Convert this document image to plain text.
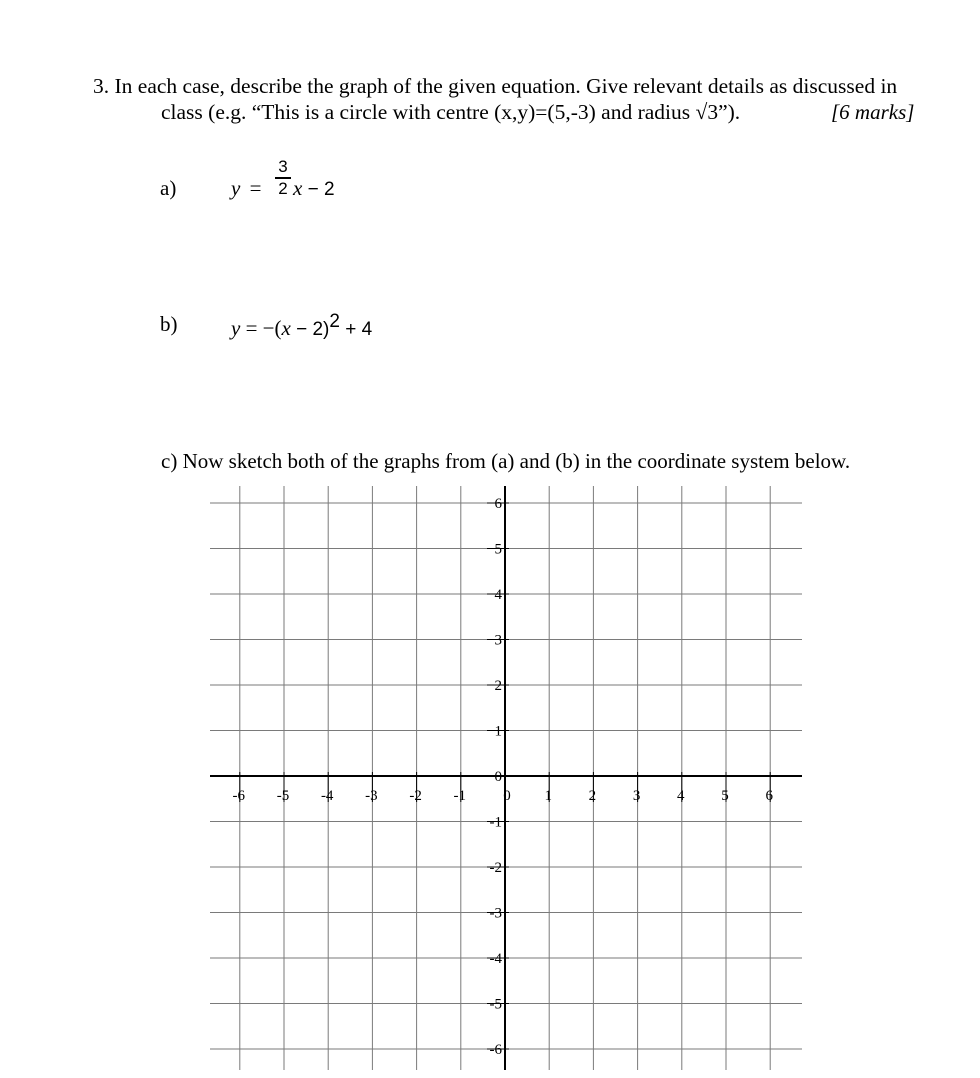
3. In each case, describe the graph of the given equation. Give relevant details as discussed in
class (e.g. “This is a circle with centre (x,y)=(5,-3) and radius √3”).	[6 marks]
a)	y =
3
2 x − 2
b)	$y = -(x - 2)^2 + 4$
c) Now sketch both of the graphs from (a) and (b) in the coordinate system below.
-6 -5 -4 -3 -2 -1 0 1 2 3 4 5 6
6
5
4
3
2
1
0
-1
-2
-3
-4
-5
-6
